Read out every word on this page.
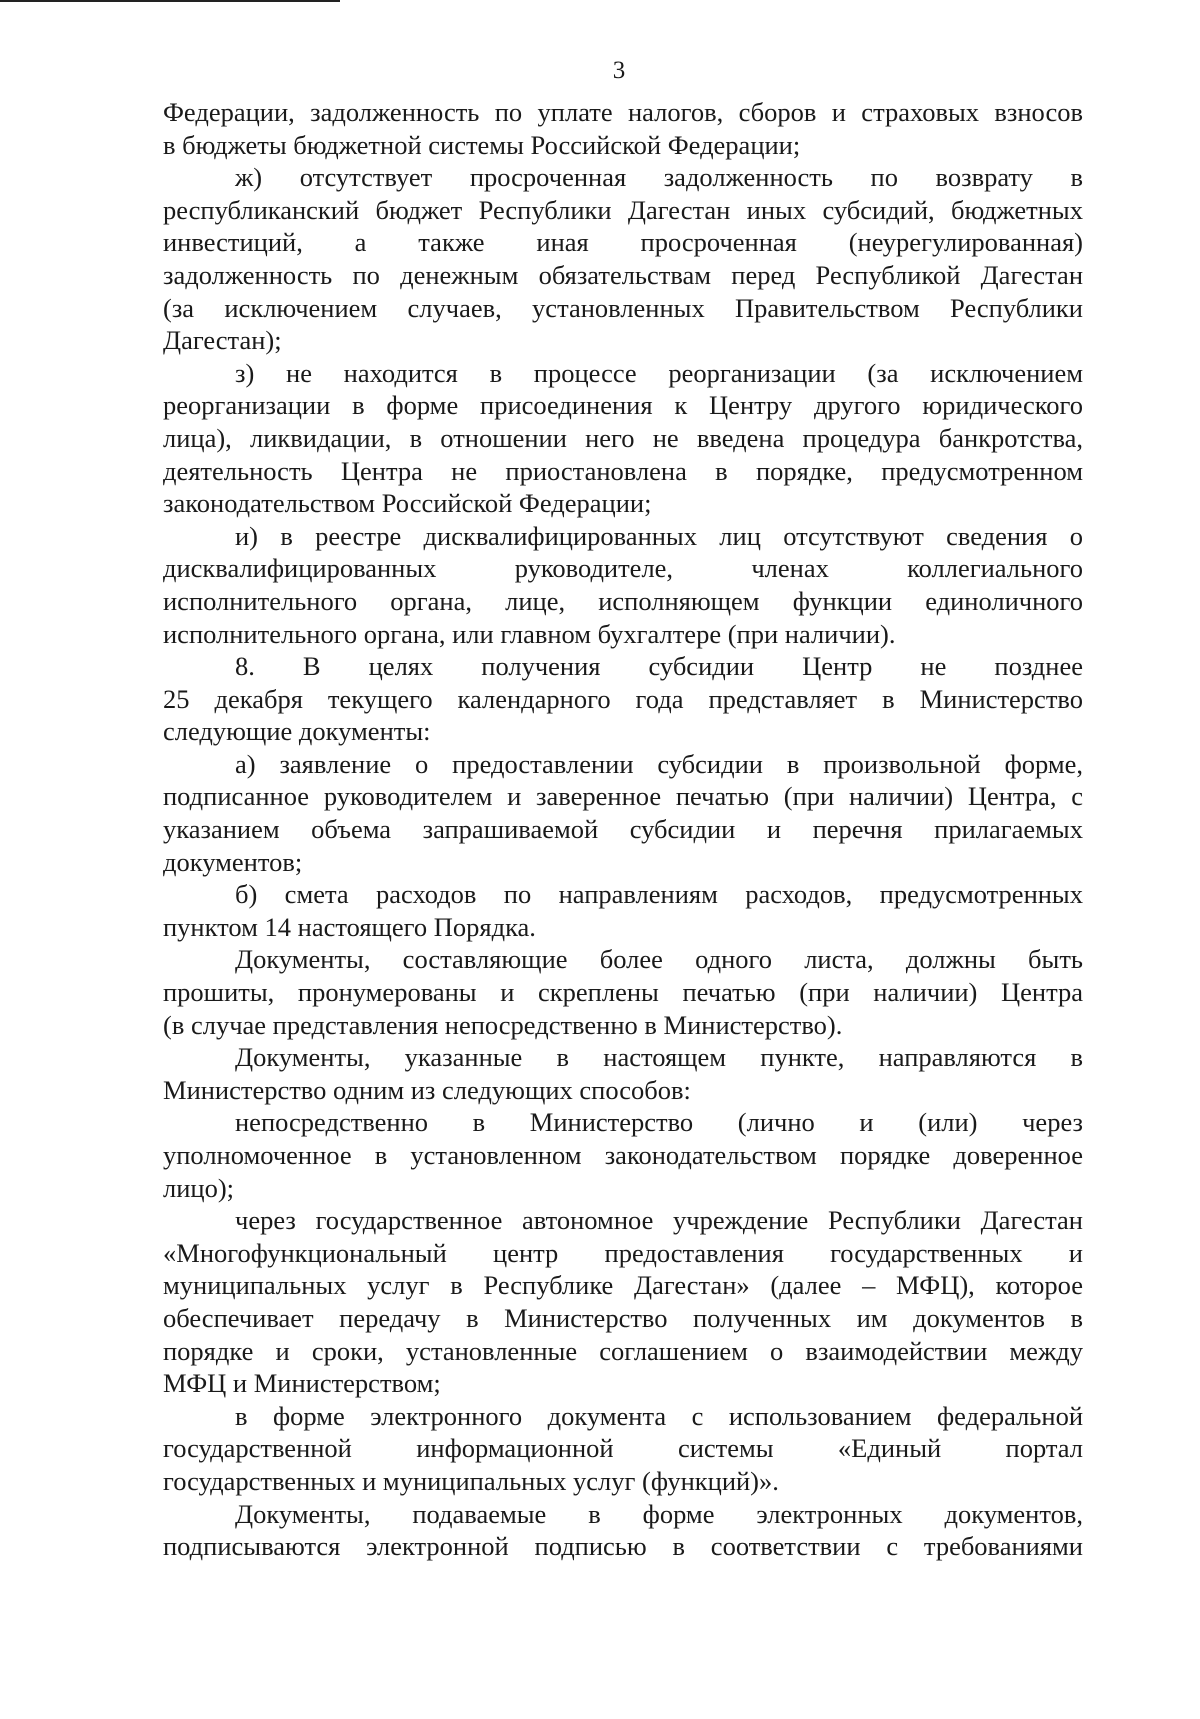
3

Федерации, задолженность по уплате налогов, сборов и страховых взносов

в бюджеты бюджетной системы Российской Федерации;

ж) отсутствует просроченная задолженность по возврату в

республиканский бюджет Республики Дагестан иных субсидий, бюджетных

инвестиций, а также иная просроченная (неурегулированная)

задолженность по денежным обязательствам перед Республикой Дагестан

(за исключением случаев, установленных Правительством Республики

Дагестан);

з) не находится в процессе реорганизации (за исключением

реорганизации в форме присоединения к Центру другого юридического

лица), ликвидации, в отношении него не введена процедура банкротства,

деятельность Центра не приостановлена в порядке, предусмотренном

законодательством Российской Федерации;

и) в реестре дисквалифицированных лиц отсутствуют сведения о

дисквалифицированных руководителе, членах коллегиального

исполнительного органа, лице, исполняющем функции единоличного

исполнительного органа, или главном бухгалтере (при наличии).

8. В целях получения субсидии Центр не позднее

25 декабря текущего календарного года представляет в Министерство

следующие документы:

а) заявление о предоставлении субсидии в произвольной форме,

подписанное руководителем и заверенное печатью (при наличии) Центра, с

указанием объема запрашиваемой субсидии и перечня прилагаемых

документов;

б) смета расходов по направлениям расходов, предусмотренных

пунктом 14 настоящего Порядка.

Документы, составляющие более одного листа, должны быть

прошиты, пронумерованы и скреплены печатью (при наличии) Центра

(в случае представления непосредственно в Министерство).

Документы, указанные в настоящем пункте, направляются в

Министерство одним из следующих способов:

непосредственно в Министерство (лично и (или) через

уполномоченное в установленном законодательством порядке доверенное

лицо);

через государственное автономное учреждение Республики Дагестан

«Многофункциональный центр предоставления государственных и

муниципальных услуг в Республике Дагестан» (далее – МФЦ), которое

обеспечивает передачу в Министерство полученных им документов в

порядке и сроки, установленные соглашением о взаимодействии между

МФЦ и Министерством;

в форме электронного документа с использованием федеральной

государственной информационной системы «Единый портал

государственных и муниципальных услуг (функций)».

Документы, подаваемые в форме электронных документов,

подписываются электронной подписью в соответствии с требованиями
